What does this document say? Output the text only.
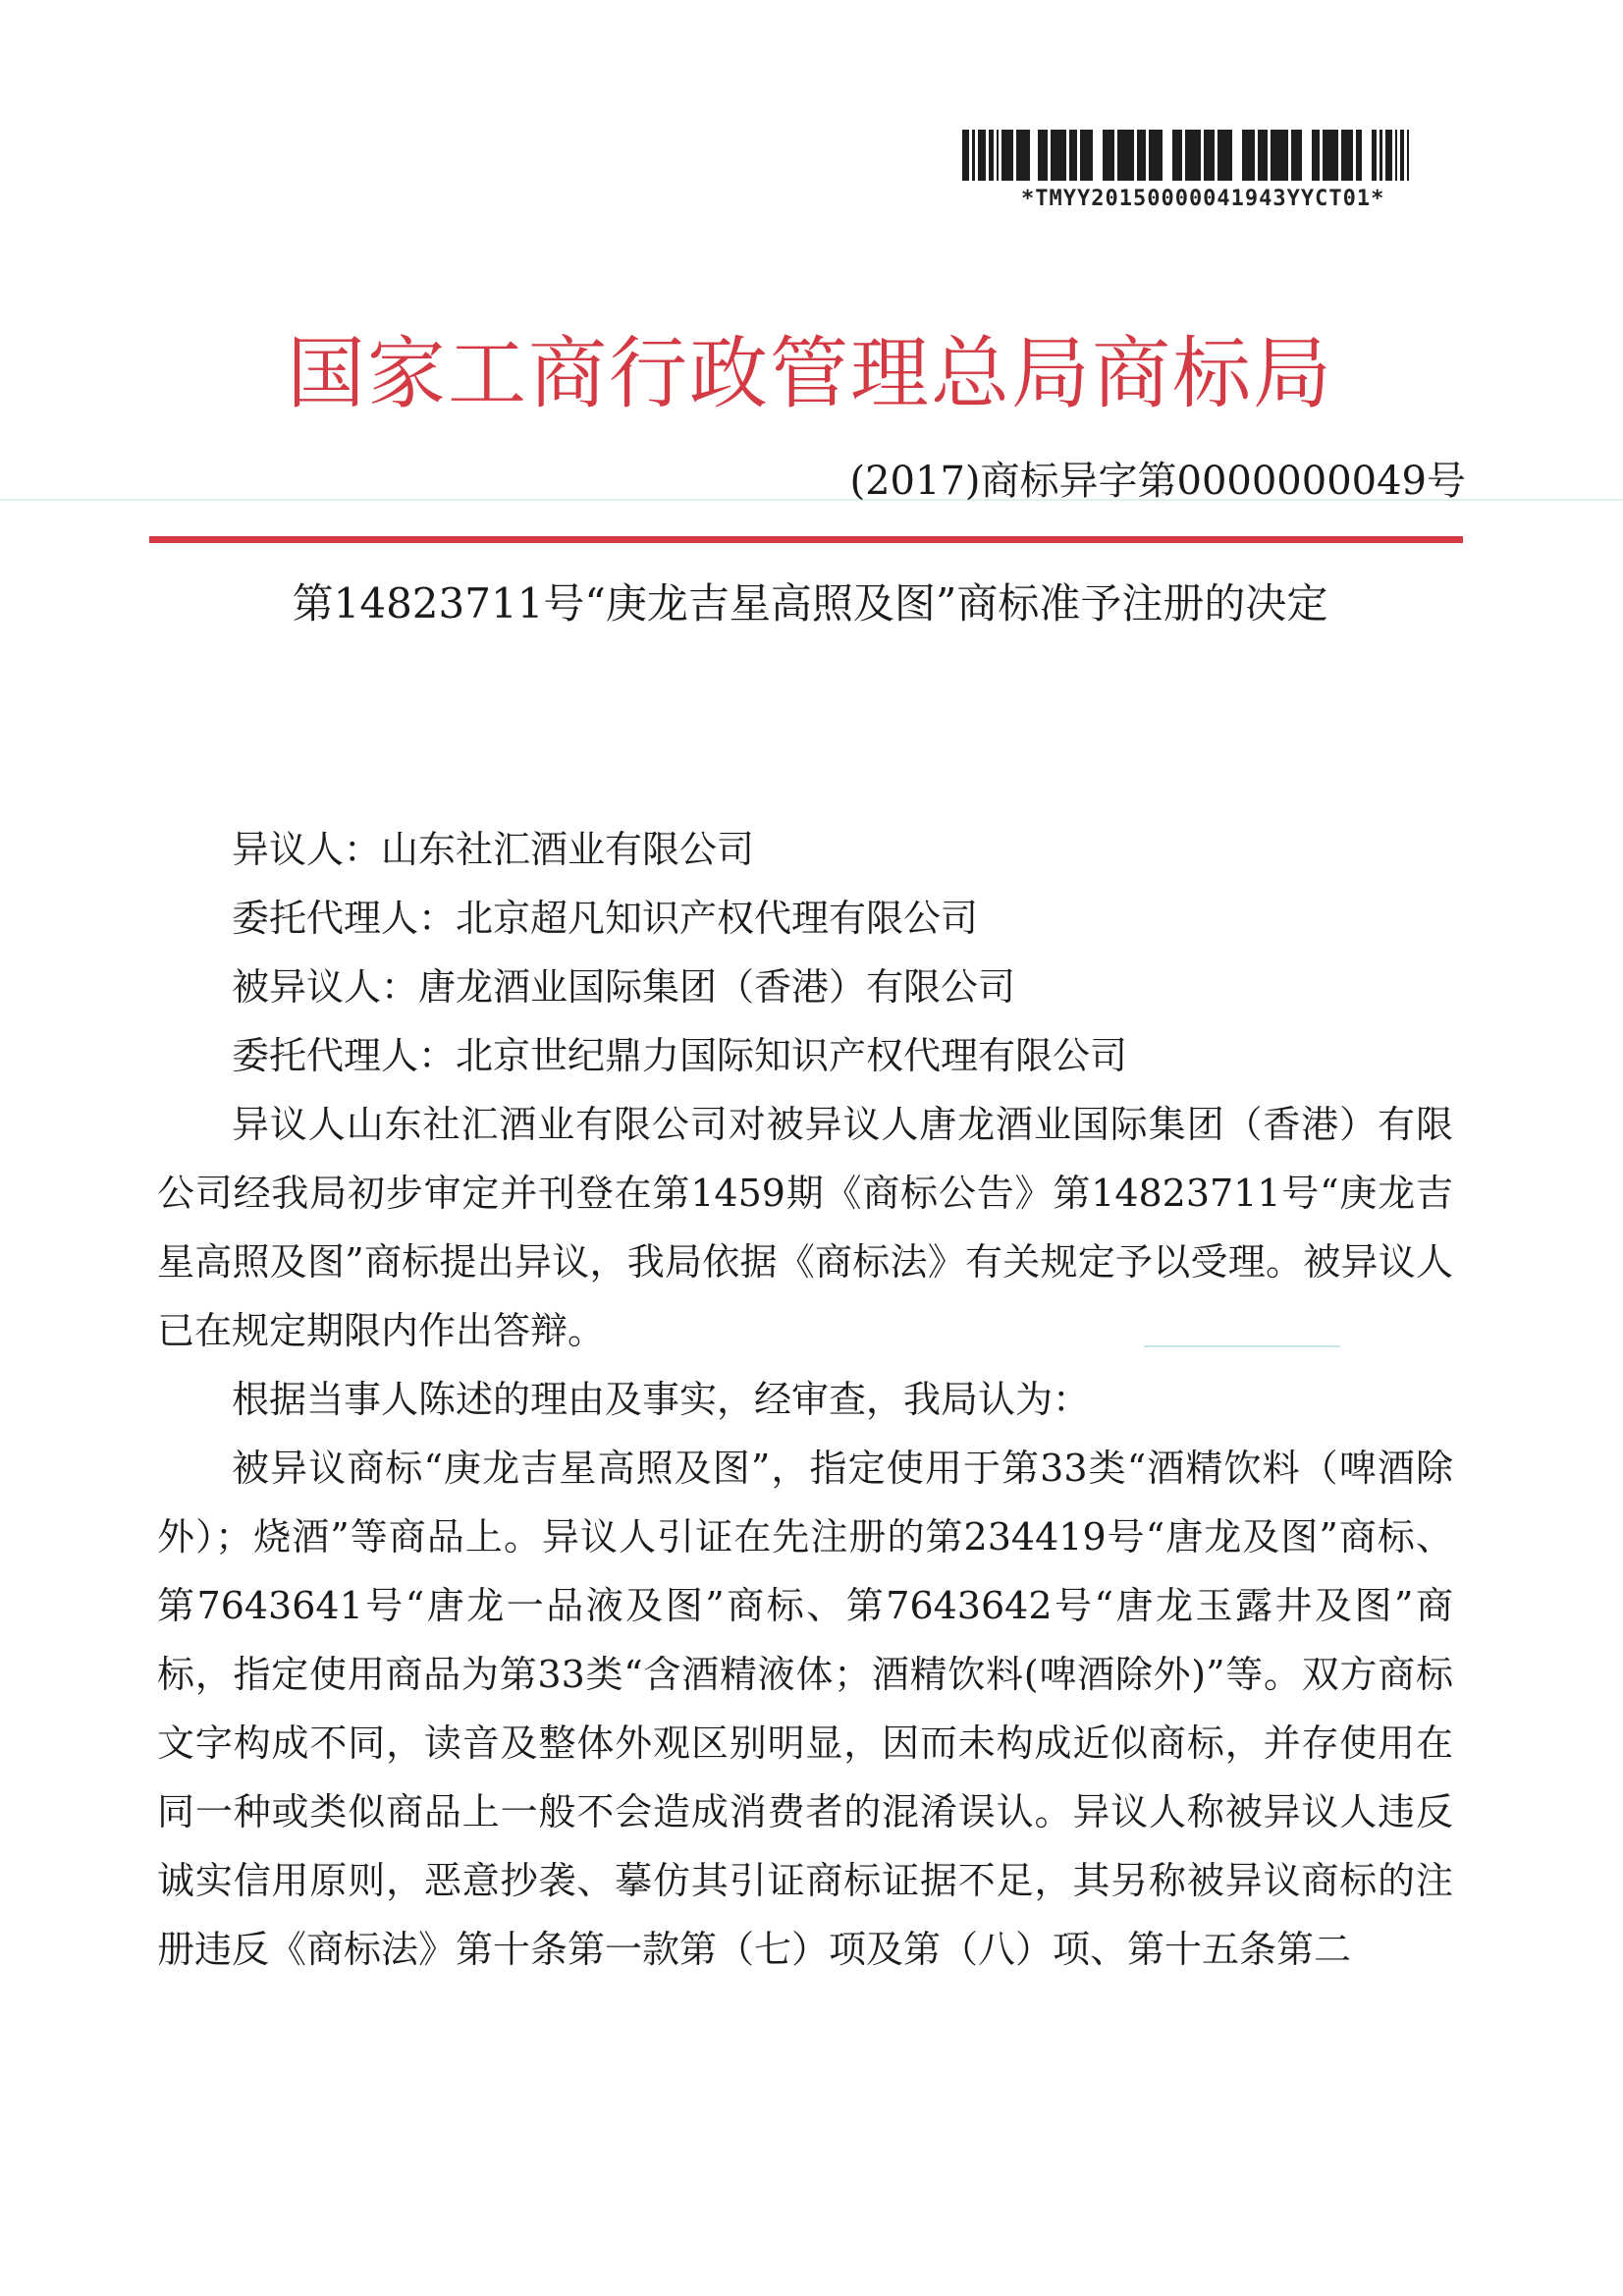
*TMYY20150000041943YYCT01*
国家工商行政管理总局商标局
(2017)商标异字第0000000049号
第14823711号“庚龙吉星高照及图”商标准予注册的决定

异议人：山东社汇酒业有限公司

委托代理人：北京超凡知识产权代理有限公司

被异议人：唐龙酒业国际集团（香港）有限公司

委托代理人：北京世纪鼎力国际知识产权代理有限公司

异议人山东社汇酒业有限公司对被异议人唐龙酒业国际集团（香港）有限公司经我局初步审定并刊登在第1459期《商标公告》第14823711号“庚龙吉星高照及图”商标提出异议，我局依据《商标法》有关规定予以受理。被异议人已在规定期限内作出答辩。

根据当事人陈述的理由及事实，经审查，我局认为：

被异议商标“庚龙吉星高照及图”，指定使用于第33类“酒精饮料（啤酒除外）；烧酒”等商品上。异议人引证在先注册的第234419号“唐龙及图”商标、第7643641号“唐龙一品液及图”商标、第7643642号“唐龙玉露井及图”商标，指定使用商品为第33类“含酒精液体；酒精饮料(啤酒除外)”等。双方商标文字构成不同，读音及整体外观区别明显，因而未构成近似商标，并存使用在同一种或类似商品上一般不会造成消费者的混淆误认。异议人称被异议人违反诚实信用原则，恶意抄袭、摹仿其引证商标证据不足，其另称被异议商标的注册违反《商标法》第十条第一款第（七）项及第（八）项、第十五条第二
